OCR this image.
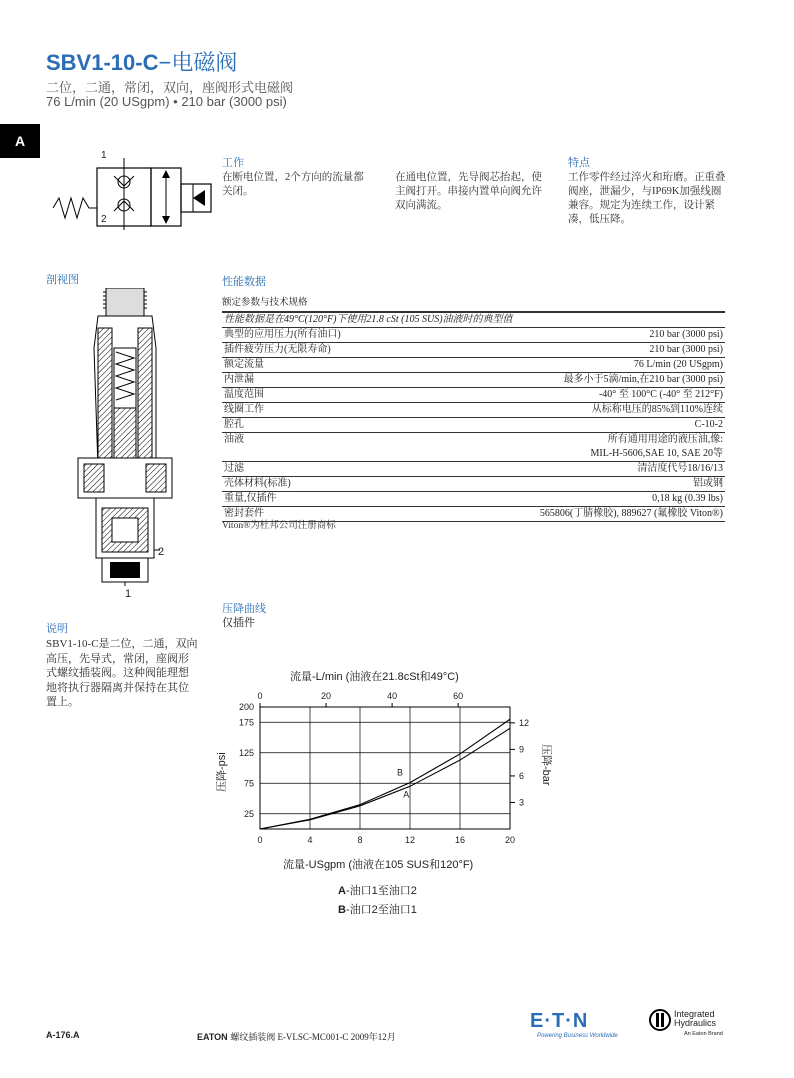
SBV1-10-C−电磁阀
二位，二通，常闭，双向，座阀形式电磁阀
76 L/min (20 USgpm) • 210 bar (3000 psi)
A
1
2
工作
在断电位置，2个方向的流量都关闭。
在通电位置，先导阀芯抬起，使主阀打开。串接内置单向阀允许双向满流。
特点
工作零件经过淬火和珩磨。正重叠阀座，泄漏少，与IP69K加强线圈兼容。规定为连续工作，设计紧凑，低压降。
剖视图
2
1
性能数据
额定参数与技术规格
性能数据是在49°C(120°F)下使用21.8 cSt (105 SUS)油液时的典型值	
典型的应用压力(所有油口)	210 bar (3000 psi)
插件疲劳压力(无限寿命)	210 bar (3000 psi)
额定流量	76 L/min (20 USgpm)
内泄漏	最多小于5滴/min,在210 bar (3000 psi)
温度范围	-40° 至 100°C (-40° 至 212°F)
线圈工作	从标称电压的85%到110%连续
腔孔	C-10-2
油液	所有通用用途的液压油,像:
MIL-H-5606,SAE 10, SAE 20等

过滤	清洁度代号18/16/13
壳体材料(标准)	铝或钢
重量,仅插件	0,18 kg (0.39 lbs)
密封套件	565806(丁腈橡胶), 889627 (氟橡胶 Viton®)
Viton®为杜邦公司注册商标
说明
SBV1-10-C是二位，二通，双向高压，先导式，常闭，座阀形式螺纹插装阀。这种阀能理想地将执行器隔离并保持在其位置上。
压降曲线
仅插件
流量-L/min (油液在21.8cSt和49°C)
流量-USgpm (油液在105 SUS和120°F)
压降-psi	压降-bar
0	4	8	12	16	20
0	20	40	60
25
75
125
175
200
3
6
9
12
B
A
A-油口1至油口2
B-油口2至油口1
A-176.A	EATON 螺纹插装阀 E-VLSC-MC001-C 2009年12月
E·T·N
Powering Business Worldwide
Integrated
Hydraulics
An Eaton Brand
